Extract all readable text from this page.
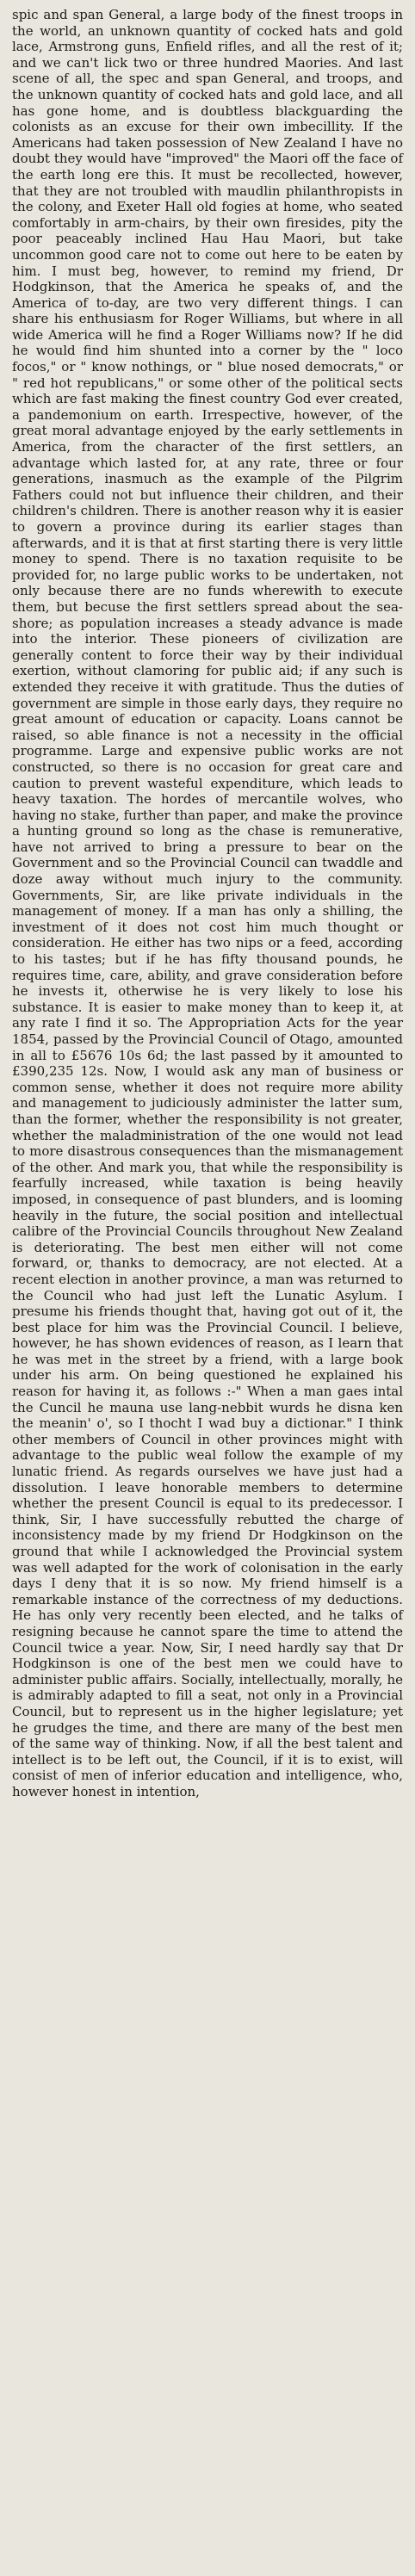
spic and span General, a large body of the finest troops in the world, an unknown quantity of cocked hats and gold lace, Armstrong guns, Enfield rifles, and all the rest of it; and we can't lick two or three hundred Maories. And last scene of all, the spec and span General, and troops, and the unknown quantity of cocked hats and gold lace, and all has gone home, and is doubtless blackguarding the colonists as an excuse for their own imbecillity. If the Americans had taken possession of New Zealand I have no doubt they would have "improved" the Maori off the face of the earth long ere this. It must be recollected, however, that they are not troubled with maudlin philanthropists in the colony, and Exeter Hall old fogies at home, who seated comfortably in arm-chairs, by their own firesides, pity the poor peaceably inclined Hau Hau Maori, but take uncommon good care not to come out here to be eaten by him. I must beg, however, to remind my friend, Dr Hodgkinson, that the America he speaks of, and the America of to-day, are two very different things. I can share his enthusiasm for Roger Williams, but where in all wide America will he find a Roger Williams now? If he did he would find him shunted into a corner by the " loco focos," or " know nothings, or " blue nosed democrats," or " red hot republicans," or some other of the political sects which are fast making the finest country God ever created, a pandemonium on earth. Irrespective, however, of the great moral advantage enjoyed by the early settlements in America, from the character of the first settlers, an advantage which lasted for, at any rate, three or four generations, inasmuch as the example of the Pilgrim Fathers could not but influence their children, and their children's children. There is another reason why it is easier to govern a province during its earlier stages than afterwards, and it is that at first starting there is very little money to spend. There is no taxation requisite to be provided for, no large public works to be undertaken, not only because there are no funds wherewith to execute them, but becuse the first settlers spread about the sea-shore; as population increases a steady advance is made into the interior. These pioneers of civilization are generally content to force their way by their individual exertion, without clamoring for public aid; if any such is extended they receive it with gratitude. Thus the duties of government are simple in those early days, they require no great amount of education or capacity. Loans cannot be raised, so able finance is not a necessity in the official programme. Large and expensive public works are not constructed, so there is no occasion for great care and caution to prevent wasteful expenditure, which leads to heavy taxation. The hordes of mercantile wolves, who having no stake, further than paper, and make the province a hunting ground so long as the chase is remunerative, have not arrived to bring a pressure to bear on the Government and so the Provincial Council can twaddle and doze away without much injury to the community. Governments, Sir, are like private individuals in the management of money. If a man has only a shilling, the investment of it does not cost him much thought or consideration. He either has two nips or a feed, according to his tastes; but if he has fifty thousand pounds, he requires time, care, ability, and grave consideration before he invests it, otherwise he is very likely to lose his substance. It is easier to make money than to keep it, at any rate I find it so. The Appropriation Acts for the year 1854, passed by the Provincial Council of Otago, amounted in all to £5676 10s 6d; the last passed by it amounted to £390,235 12s. Now, I would ask any man of business or common sense, whether it does not require more ability and management to judiciously administer the latter sum, than the former, whether the responsibility is not greater, whether the maladministration of the one would not lead to more disastrous consequences than the mismanagement of the other. And mark you, that while the responsibility is fearfully increased, while taxation is being heavily imposed, in consequence of past blunders, and is looming heavily in the future, the social position and intellectual calibre of the Provincial Councils throughout New Zealand is deteriorating. The best men either will not come forward, or, thanks to democracy, are not elected. At a recent election in another province, a man was returned to the Council who had just left the Lunatic Asylum. I presume his friends thought that, having got out of it, the best place for him was the Provincial Council. I believe, however, he has shown evidences of reason, as I learn that he was met in the street by a friend, with a large book under his arm. On being questioned he explained his reason for having it, as follows :-" When a man gaes intal the Cuncil he mauna use lang-nebbit wurds he disna ken the meanin' o', so I thocht I wad buy a dictionar." I think other members of Council in other provinces might with advantage to the public weal follow the example of my lunatic friend. As regards ourselves we have just had a dissolution. I leave honorable members to determine whether the present Council is equal to its predecessor. I think, Sir, I have successfully rebutted the charge of inconsistency made by my friend Dr Hodgkinson on the ground that while I acknowledged the Provincial system was well adapted for the work of colonisation in the early days I deny that it is so now. My friend himself is a remarkable instance of the correctness of my deductions. He has only very recently been elected, and he talks of resigning because he cannot spare the time to attend the Council twice a year. Now, Sir, I need hardly say that Dr Hodgkinson is one of the best men we could have to administer public affairs. Socially, intellectually, morally, he is admirably adapted to fill a seat, not only in a Provincial Council, but to represent us in the higher legislature; yet he grudges the time, and there are many of the best men of the same way of thinking. Now, if all the best talent and intellect is to be left out, the Council, if it is to exist, will consist of men of inferior education and intelligence, who, however honest in intention,
